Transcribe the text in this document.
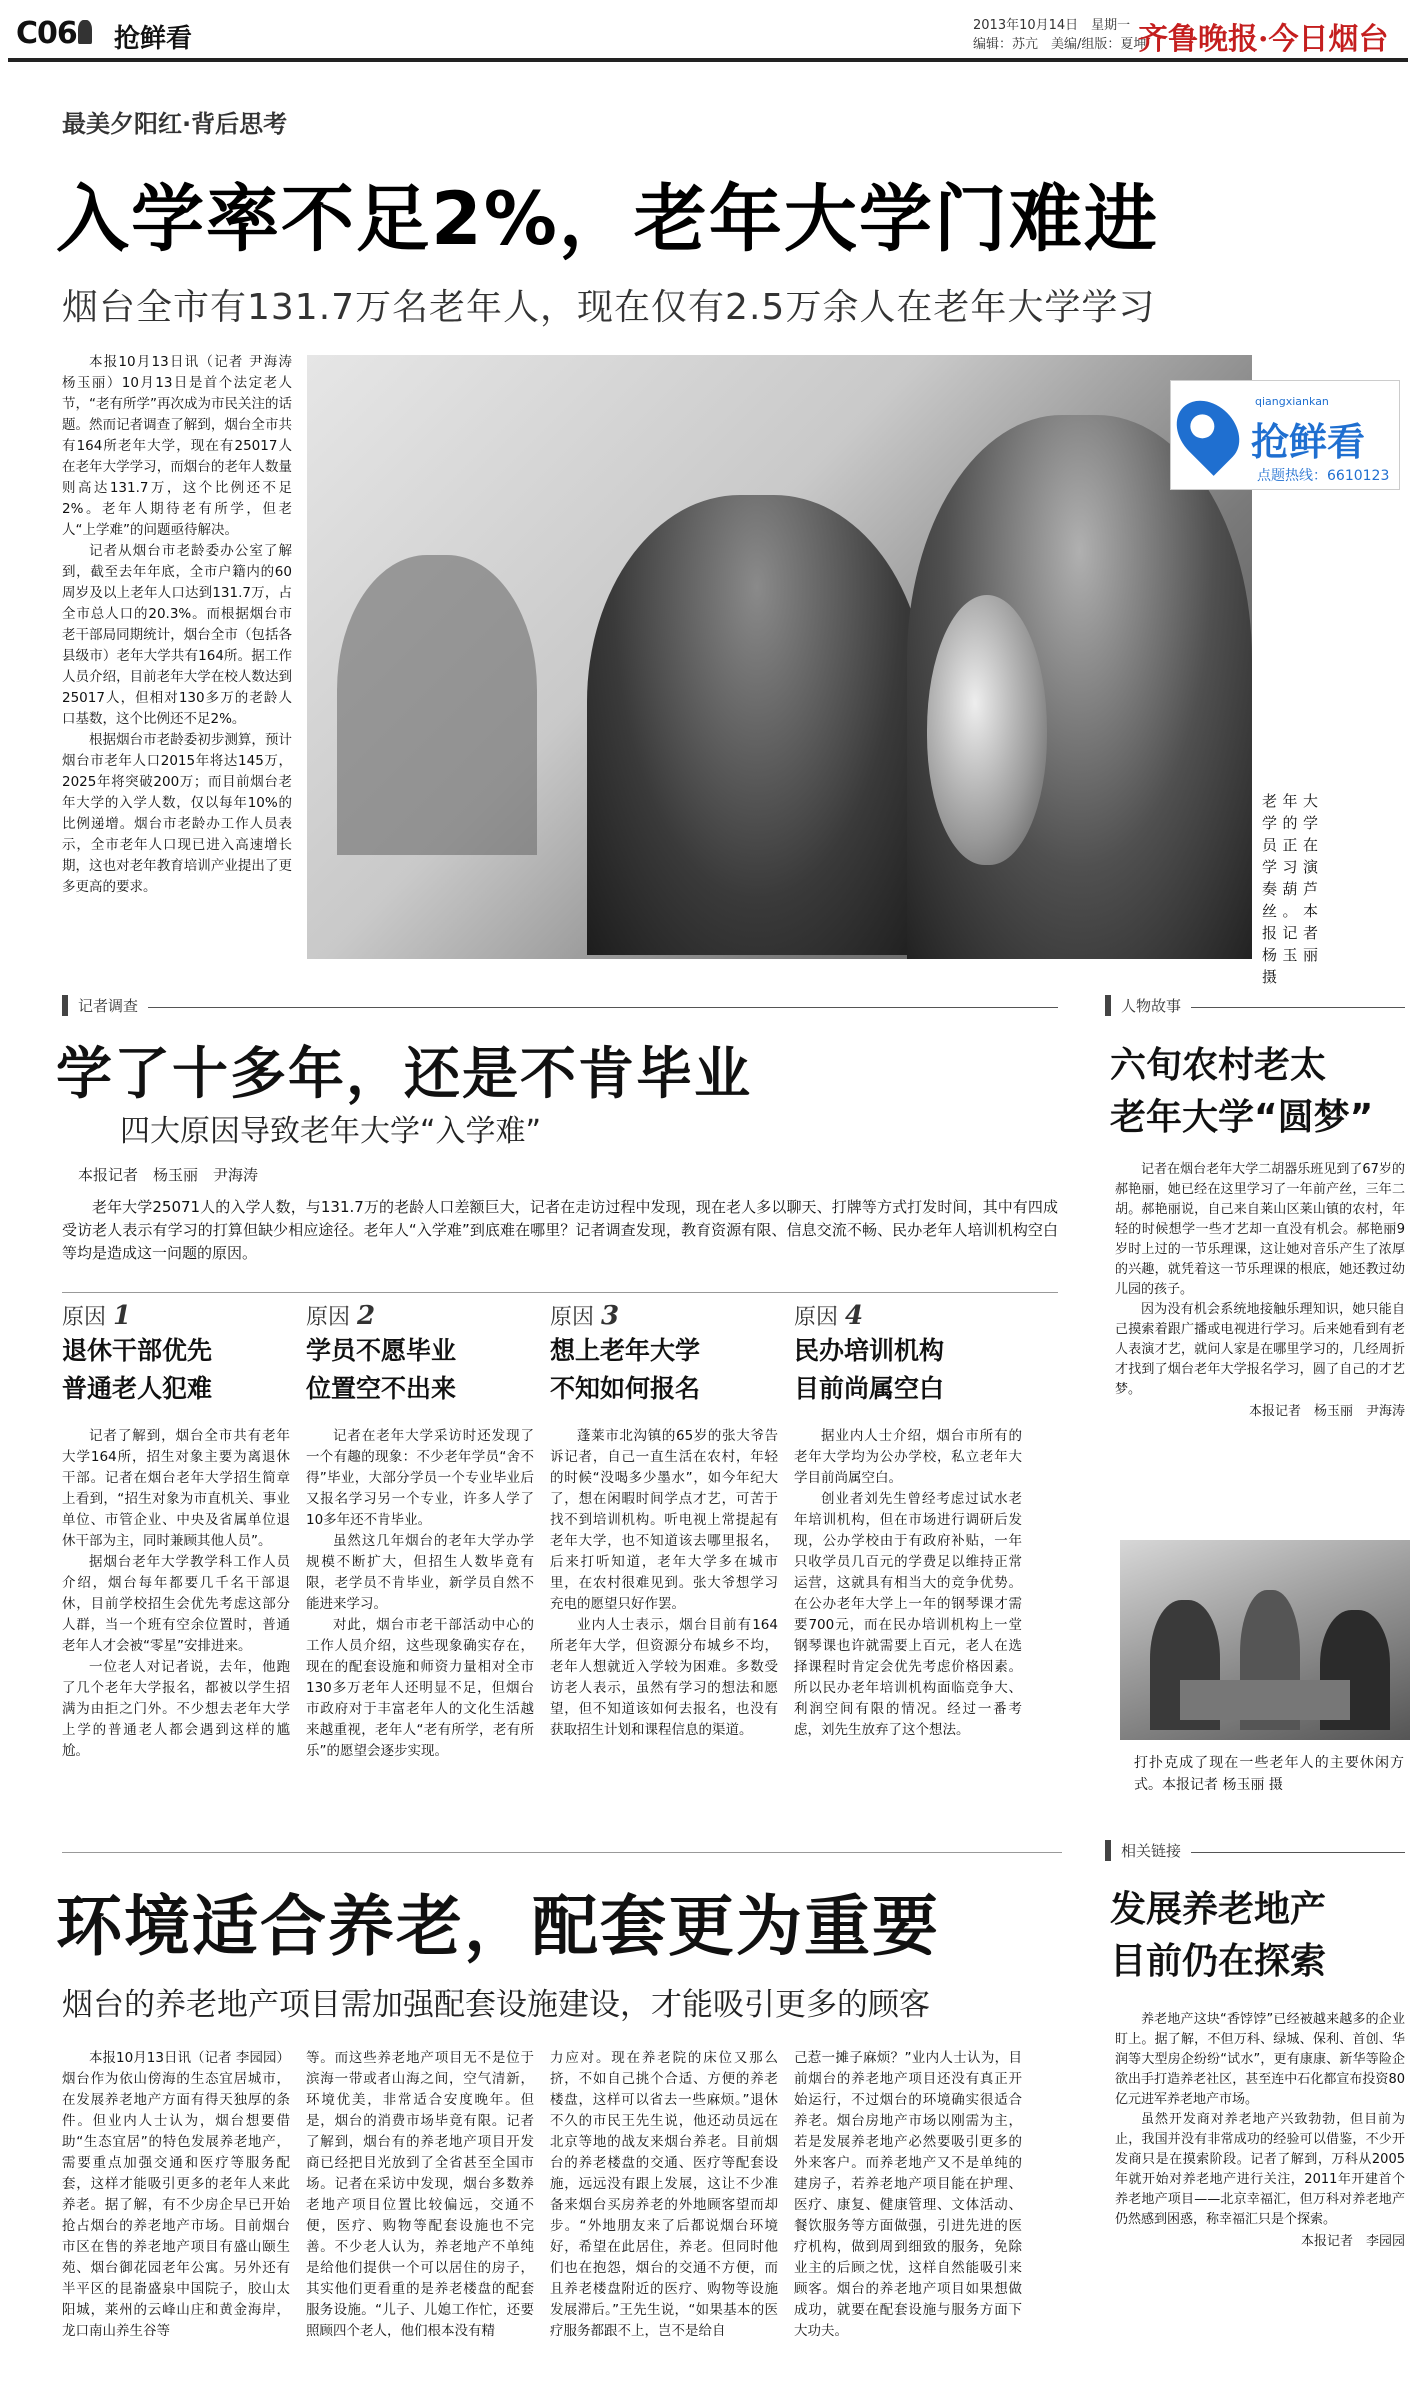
C06 抢鲜看	2013年10月14日　星期一
编辑：苏亢　美编/组版：夏坤
齐鲁晚报·今日烟台
最美夕阳红·背后思考
入学率不足2%，老年大学门难进
烟台全市有131.7万名老年人，现在仅有2.5万余人在老年大学学习

本报10月13日讯（记者 尹海涛 杨玉丽）10月13日是首个法定老人节，“老有所学”再次成为市民关注的话题。然而记者调查了解到，烟台全市共有164所老年大学，现在有25017人在老年大学学习，而烟台的老年人数量则高达131.7万，这个比例还不足2%。老年人期待老有所学，但老人“上学难”的问题亟待解决。

记者从烟台市老龄委办公室了解到，截至去年年底，全市户籍内的60周岁及以上老年人口达到131.7万，占全市总人口的20.3%。而根据烟台市老干部局同期统计，烟台全市（包括各县级市）老年大学共有164所。据工作人员介绍，目前老年大学在校人数达到25017人，但相对130多万的老龄人口基数，这个比例还不足2%。

根据烟台市老龄委初步测算，预计烟台市老年人口2015年将达145万，2025年将突破200万；而目前烟台老年大学的入学人数，仅以每年10%的比例递增。烟台市老龄办工作人员表示，全市老年人口现已进入高速增长期，这也对老年教育培训产业提出了更多更高的要求。

qiangxiankan
抢鲜看
点题热线：6610123
老年大学的学员正在学习演奏葫芦丝。本报记者 杨玉丽 摄
记者调查
学了十多年，还是不肯毕业
四大原因导致老年大学“入学难”
本报记者　杨玉丽　尹海涛
老年大学25071人的入学人数，与131.7万的老龄人口差额巨大，记者在走访过程中发现，现在老人多以聊天、打牌等方式打发时间，其中有四成受访老人表示有学习的打算但缺少相应途径。老年人“入学难”到底难在哪里？记者调查发现，教育资源有限、信息交流不畅、民办老年人培训机构空白等均是造成这一问题的原因。
原因 1
退休干部优先
普通老人犯难

记者了解到，烟台全市共有老年大学164所，招生对象主要为离退休干部。记者在烟台老年大学招生简章上看到，“招生对象为市直机关、事业单位、市管企业、中央及省属单位退休干部为主，同时兼顾其他人员”。

据烟台老年大学教学科工作人员介绍，烟台每年都要几千名干部退休，目前学校招生会优先考虑这部分人群，当一个班有空余位置时，普通老年人才会被“零星”安排进来。

一位老人对记者说，去年，他跑了几个老年大学报名，都被以学生招满为由拒之门外。不少想去老年大学上学的普通老人都会遇到这样的尴尬。

原因 2
学员不愿毕业
位置空不出来

记者在老年大学采访时还发现了一个有趣的现象：不少老年学员“舍不得”毕业，大部分学员一个专业毕业后又报名学习另一个专业，许多人学了10多年还不肯毕业。

虽然这几年烟台的老年大学办学规模不断扩大，但招生人数毕竟有限，老学员不肯毕业，新学员自然不能进来学习。

对此，烟台市老干部活动中心的工作人员介绍，这些现象确实存在，现在的配套设施和师资力量相对全市130多万老年人还明显不足，但烟台市政府对于丰富老年人的文化生活越来越重视，老年人“老有所学，老有所乐”的愿望会逐步实现。

原因 3
想上老年大学
不知如何报名

蓬莱市北沟镇的65岁的张大爷告诉记者，自己一直生活在农村，年轻的时候“没喝多少墨水”，如今年纪大了，想在闲暇时间学点才艺，可苦于找不到培训机构。听电视上常提起有老年大学，也不知道该去哪里报名，后来打听知道，老年大学多在城市里，在农村很难见到。张大爷想学习充电的愿望只好作罢。

业内人士表示，烟台目前有164所老年大学，但资源分布城乡不均，老年人想就近入学较为困难。多数受访老人表示，虽然有学习的想法和愿望，但不知道该如何去报名，也没有获取招生计划和课程信息的渠道。

原因 4
民办培训机构
目前尚属空白

据业内人士介绍，烟台市所有的老年大学均为公办学校，私立老年大学目前尚属空白。

创业者刘先生曾经考虑过试水老年培训机构，但在市场进行调研后发现，公办学校由于有政府补贴，一年只收学员几百元的学费足以维持正常运营，这就具有相当大的竞争优势。在公办老年大学上一年的钢琴课才需要700元，而在民办培训机构上一堂钢琴课也许就需要上百元，老人在选择课程时肯定会优先考虑价格因素。所以民办老年培训机构面临竞争大、利润空间有限的情况。经过一番考虑，刘先生放弃了这个想法。

人物故事
六旬农村老太
老年大学“圆梦”

记者在烟台老年大学二胡器乐班见到了67岁的郝艳丽，她已经在这里学习了一年前产丝，三年二胡。郝艳丽说，自己来自莱山区莱山镇的农村，年轻的时候想学一些才艺却一直没有机会。郝艳丽9岁时上过的一节乐理课，这让她对音乐产生了浓厚的兴趣，就凭着这一节乐理课的根底，她还教过幼儿园的孩子。

因为没有机会系统地接触乐理知识，她只能自己摸索着跟广播或电视进行学习。后来她看到有老人表演才艺，就问人家是在哪里学习的，几经周折才找到了烟台老年大学报名学习，圆了自己的才艺梦。

本报记者　杨玉丽　尹海涛
打扑克成了现在一些老年人的主要休闲方式。本报记者 杨玉丽 摄
环境适合养老，配套更为重要
烟台的养老地产项目需加强配套设施建设，才能吸引更多的顾客

本报10月13日讯（记者 李园园）烟台作为依山傍海的生态宜居城市，在发展养老地产方面有得天独厚的条件。但业内人士认为，烟台想要借助“生态宜居”的特色发展养老地产，需要重点加强交通和医疗等服务配套，这样才能吸引更多的老年人来此养老。据了解，有不少房企早已开始抢占烟台的养老地产市场。目前烟台市区在售的养老地产项目有盛山颐生苑、烟台御花园老年公寓。另外还有半平区的昆嵛盛泉中国院子，胶山太阳城，莱州的云峰山庄和黄金海岸，龙口南山养生谷等

等。而这些养老地产项目无不是位于滨海一带或者山海之间，空气清新，环境优美，非常适合安度晚年。但是，烟台的消费市场毕竟有限。记者了解到，烟台有的养老地产项目开发商已经把目光放到了全省甚至全国市场。记者在采访中发现，烟台多数养老地产项目位置比较偏远，交通不便，医疗、购物等配套设施也不完善。不少老人认为，养老地产不单纯是给他们提供一个可以居住的房子，其实他们更看重的是养老楼盘的配套服务设施。“儿子、儿媳工作忙，还要照顾四个老人，他们根本没有精
力应对。现在养老院的床位又那么挤，不如自己挑个合适、方便的养老楼盘，这样可以省去一些麻烦。”退休不久的市民王先生说，他还动员远在北京等地的战友来烟台养老。目前烟台的养老楼盘的交通、医疗等配套设施，远远没有跟上发展，这让不少准备来烟台买房养老的外地顾客望而却步。“外地朋友来了后都说烟台环境好，希望在此居住，养老。但同时他们也在抱怨，烟台的交通不方便，而且养老楼盘附近的医疗、购物等设施发展滞后。”王先生说，“如果基本的医疗服务都跟不上，岂不是给自
己惹一摊子麻烦？”业内人士认为，目前烟台的养老地产项目还没有真正开始运行，不过烟台的环境确实很适合养老。烟台房地产市场以刚需为主，若是发展养老地产必然要吸引更多的外来客户。而养老地产又不是单纯的建房子，若养老地产项目能在护理、医疗、康复、健康管理、文体活动、餐饮服务等方面做强，引进先进的医疗机构，做到周到细致的服务，免除业主的后顾之忧，这样自然能吸引来顾客。烟台的养老地产项目如果想做成功，就要在配套设施与服务方面下大功夫。
相关链接
发展养老地产
目前仍在探索

养老地产这块“香饽饽”已经被越来越多的企业盯上。据了解，不但万科、绿城、保利、首创、华润等大型房企纷纷“试水”，更有康康、新华等险企欲出手打造养老社区，甚至连中石化都宣布投资80亿元进军养老地产市场。

虽然开发商对养老地产兴致勃勃，但目前为止，我国并没有非常成功的经验可以借鉴，不少开发商只是在摸索阶段。记者了解到，万科从2005年就开始对养老地产进行关注，2011年开建首个养老地产项目——北京幸福汇，但万科对养老地产仍然感到困惑，称幸福汇只是个探索。

本报记者　李园园
